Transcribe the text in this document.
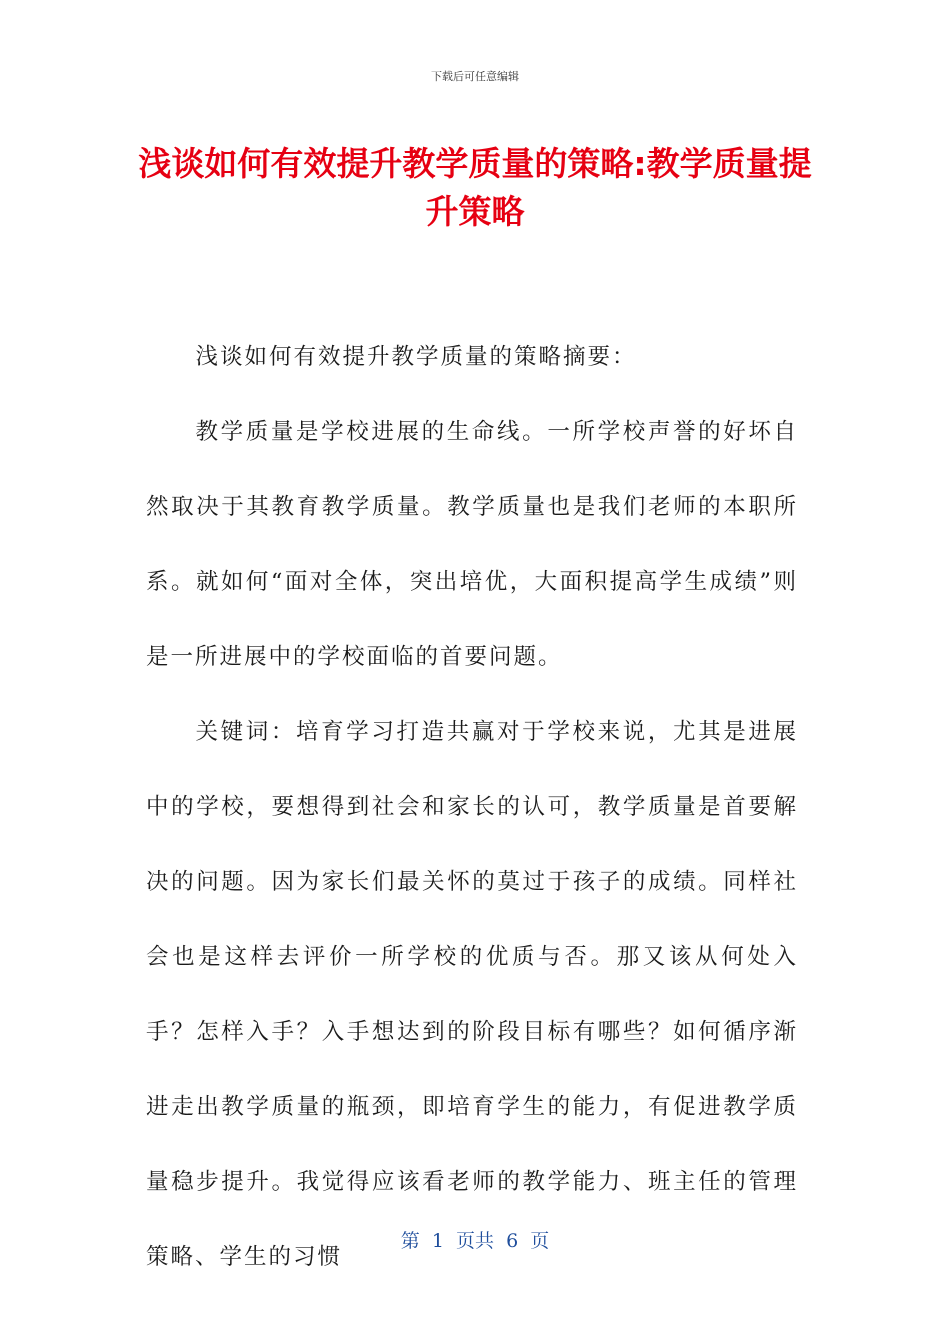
下载后可任意编辑
浅谈如何有效提升教学质量的策略:教学质量提升策略

浅谈如何有效提升教学质量的策略摘要：

教学质量是学校进展的生命线。一所学校声誉的好坏自然取决于其教育教学质量。教学质量也是我们老师的本职所系。就如何“面对全体，突出培优，大面积提高学生成绩”则是一所进展中的学校面临的首要问题。

关键词：培育学习打造共赢对于学校来说，尤其是进展中的学校，要想得到社会和家长的认可，教学质量是首要解决的问题。因为家长们最关怀的莫过于孩子的成绩。同样社会也是这样去评价一所学校的优质与否。那又该从何处入手？怎样入手？入手想达到的阶段目标有哪些？如何循序渐进走出教学质量的瓶颈，即培育学生的能力，有促进教学质量稳步提升。我觉得应该看老师的教学能力、班主任的管理策略、学生的习惯

第  1  页共  6  页
